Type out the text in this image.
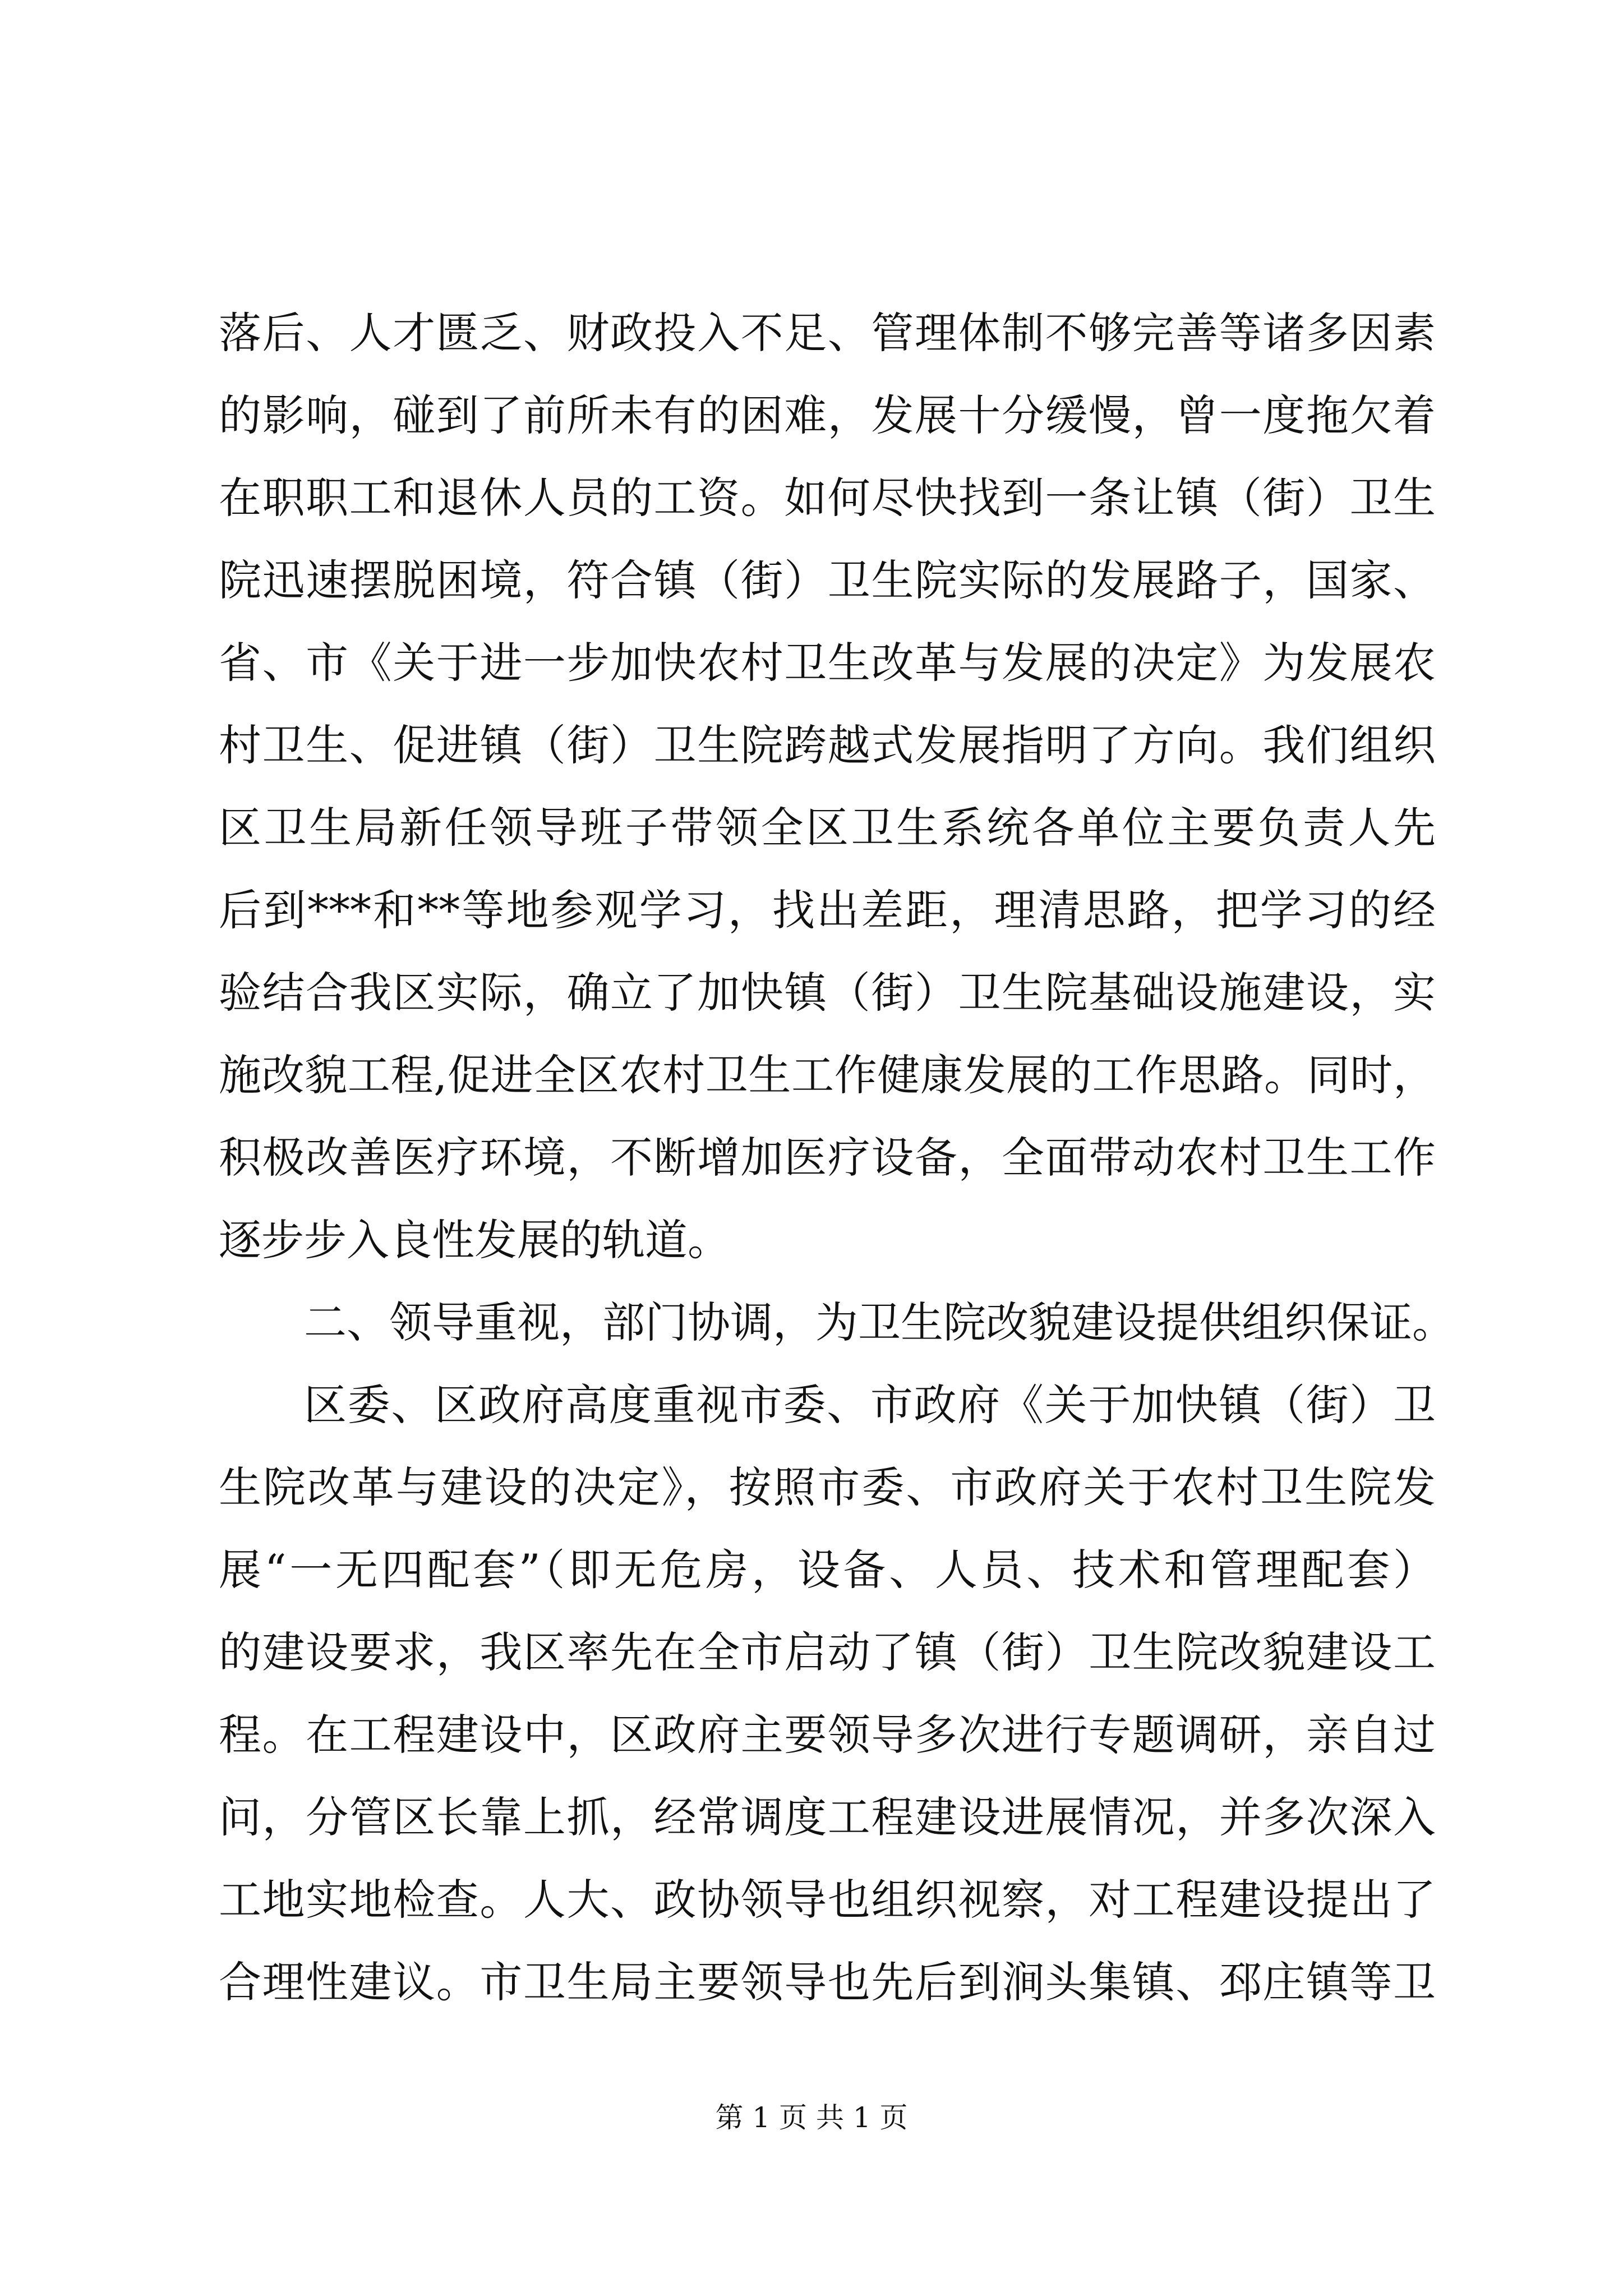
落后、人才匮乏、财政投入不足、管理体制不够完善等诸多因素
的影响，碰到了前所未有的困难，发展十分缓慢，曾一度拖欠着
在职职工和退休人员的工资。如何尽快找到一条让镇（街）卫生
院迅速摆脱困境，符合镇（街）卫生院实际的发展路子，国家、
省、市《关于进一步加快农村卫生改革与发展的决定》为发展农
村卫生、促进镇（街）卫生院跨越式发展指明了方向。我们组织
区卫生局新任领导班子带领全区卫生系统各单位主要负责人先
后到***和**等地参观学习，找出差距，理清思路，把学习的经
验结合我区实际，确立了加快镇（街）卫生院基础设施建设，实
施改貌工程,促进全区农村卫生工作健康发展的工作思路。同时，
积极改善医疗环境，不断增加医疗设备，全面带动农村卫生工作
逐步步入良性发展的轨道。
二、领导重视，部门协调，为卫生院改貌建设提供组织保证。
区委、区政府高度重视市委、市政府《关于加快镇（街）卫
生院改革与建设的决定》，按照市委、市政府关于农村卫生院发
展“一无四配套”（即无危房，设备、人员、技术和管理配套）
的建设要求，我区率先在全市启动了镇（街）卫生院改貌建设工
程。在工程建设中，区政府主要领导多次进行专题调研，亲自过
问，分管区长靠上抓，经常调度工程建设进展情况，并多次深入
工地实地检查。人大、政协领导也组织视察，对工程建设提出了
合理性建议。市卫生局主要领导也先后到涧头集镇、邳庄镇等卫
第 1 页 共 1 页
